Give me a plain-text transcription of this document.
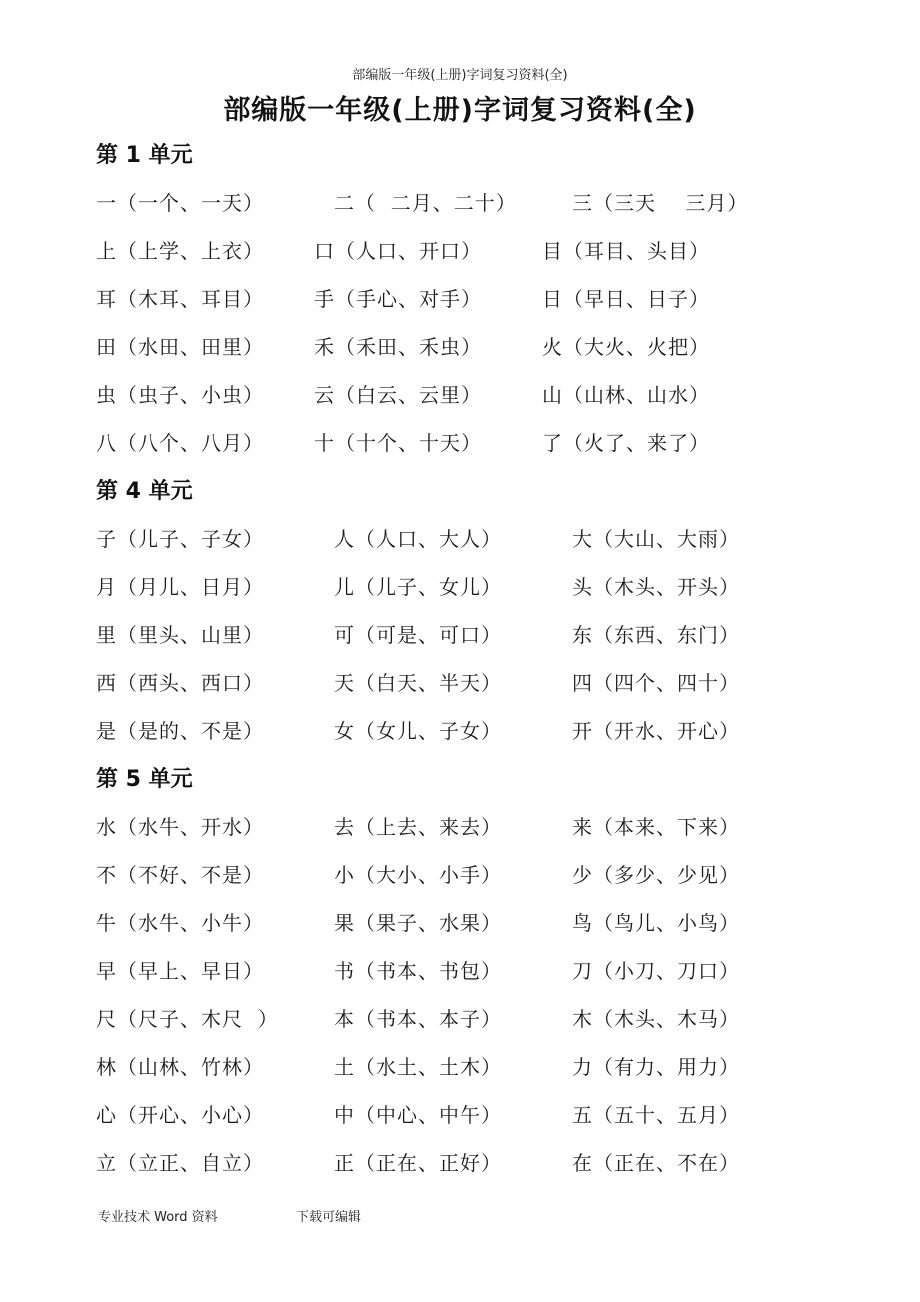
部编版一年级(上册)字词复习资料(全)
部编版一年级(上册)字词复习资料(全)
第 1 单元
一（一个、一天）	二（  二月、二十）	三（三天    三月）
上（上学、上衣）	口（人口、开口）	目（耳目、头目）
耳（木耳、耳目）	手（手心、对手）	日（早日、日子）
田（水田、田里）	禾（禾田、禾虫）	火（大火、火把）
虫（虫子、小虫）	云（白云、云里）	山（山林、山水）
八（八个、八月）	十（十个、十天）	了（火了、来了）
第 4 单元
子（儿子、子女）	人（人口、大人）	大（大山、大雨）
月（月儿、日月）	儿（儿子、女儿）	头（木头、开头）
里（里头、山里）	可（可是、可口）	东（东西、东门）
西（西头、西口）	天（白天、半天）	四（四个、四十）
是（是的、不是）	女（女儿、子女）	开（开水、开心）
第 5 单元
水（水牛、开水）	去（上去、来去）	来（本来、下来）
不（不好、不是）	小（大小、小手）	少（多少、少见）
牛（水牛、小牛）	果（果子、水果）	鸟（鸟儿、小鸟）
早（早上、早日）	书（书本、书包）	刀（小刀、刀口）
尺（尺子、木尺  ）	本（书本、本子）	木（木头、木马）
林（山林、竹林）	土（水土、土木）	力（有力、用力）
心（开心、小心）	中（中心、中午）	五（五十、五月）
立（立正、自立）	正（正在、正好）	在（正在、不在）
专业技术 Word 资料	下载可编辑
